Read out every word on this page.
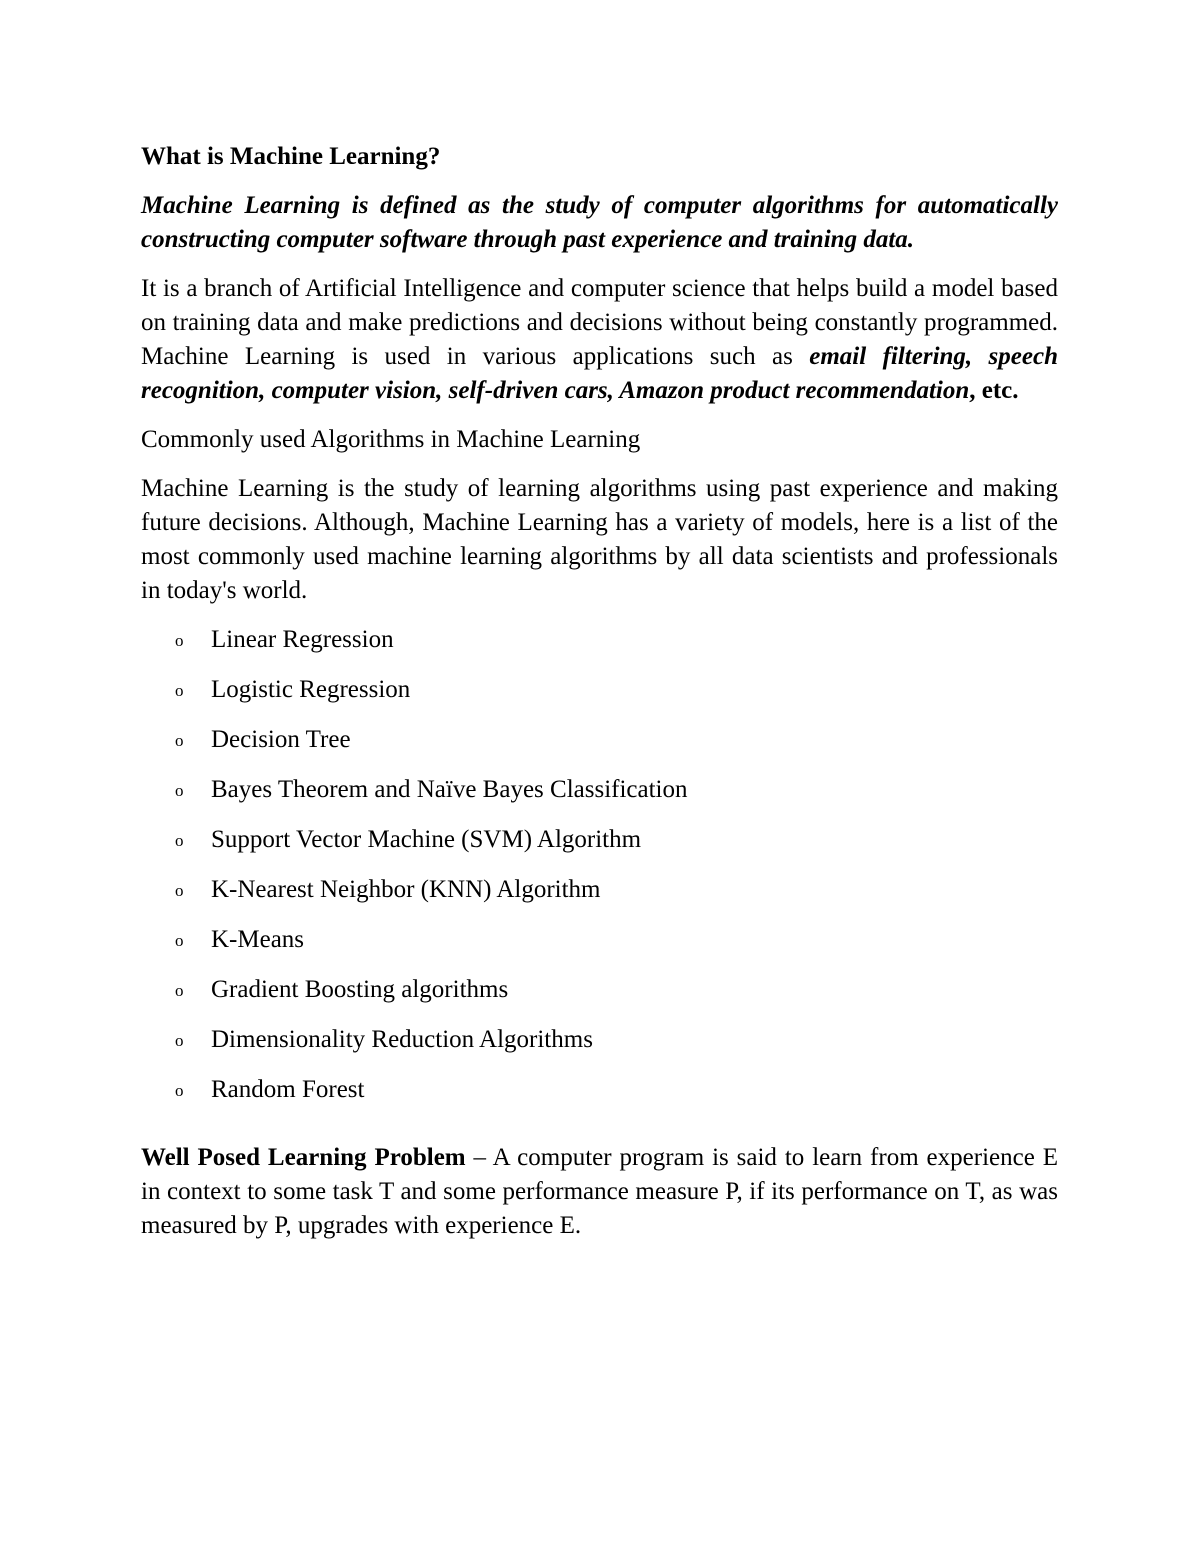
What is Machine Learning?
Machine Learning is defined as the study of computer algorithms for automatically constructing computer software through past experience and training data.
It is a branch of Artificial Intelligence and computer science that helps build a model based on training data and make predictions and decisions without being constantly programmed. Machine Learning is used in various applications such as email filtering, speech recognition, computer vision, self-driven cars, Amazon product recommendation, etc.
Commonly used Algorithms in Machine Learning
Machine Learning is the study of learning algorithms using past experience and making future decisions. Although, Machine Learning has a variety of models, here is a list of the most commonly used machine learning algorithms by all data scientists and professionals in today's world.
o Linear Regression
o Logistic Regression
o Decision Tree
o Bayes Theorem and Naïve Bayes Classification
o Support Vector Machine (SVM) Algorithm
o K-Nearest Neighbor (KNN) Algorithm
o K-Means
o Gradient Boosting algorithms
o Dimensionality Reduction Algorithms
o Random Forest
Well Posed Learning Problem – A computer program is said to learn from experience E in context to some task T and some performance measure P, if its performance on T, as was measured by P, upgrades with experience E.
